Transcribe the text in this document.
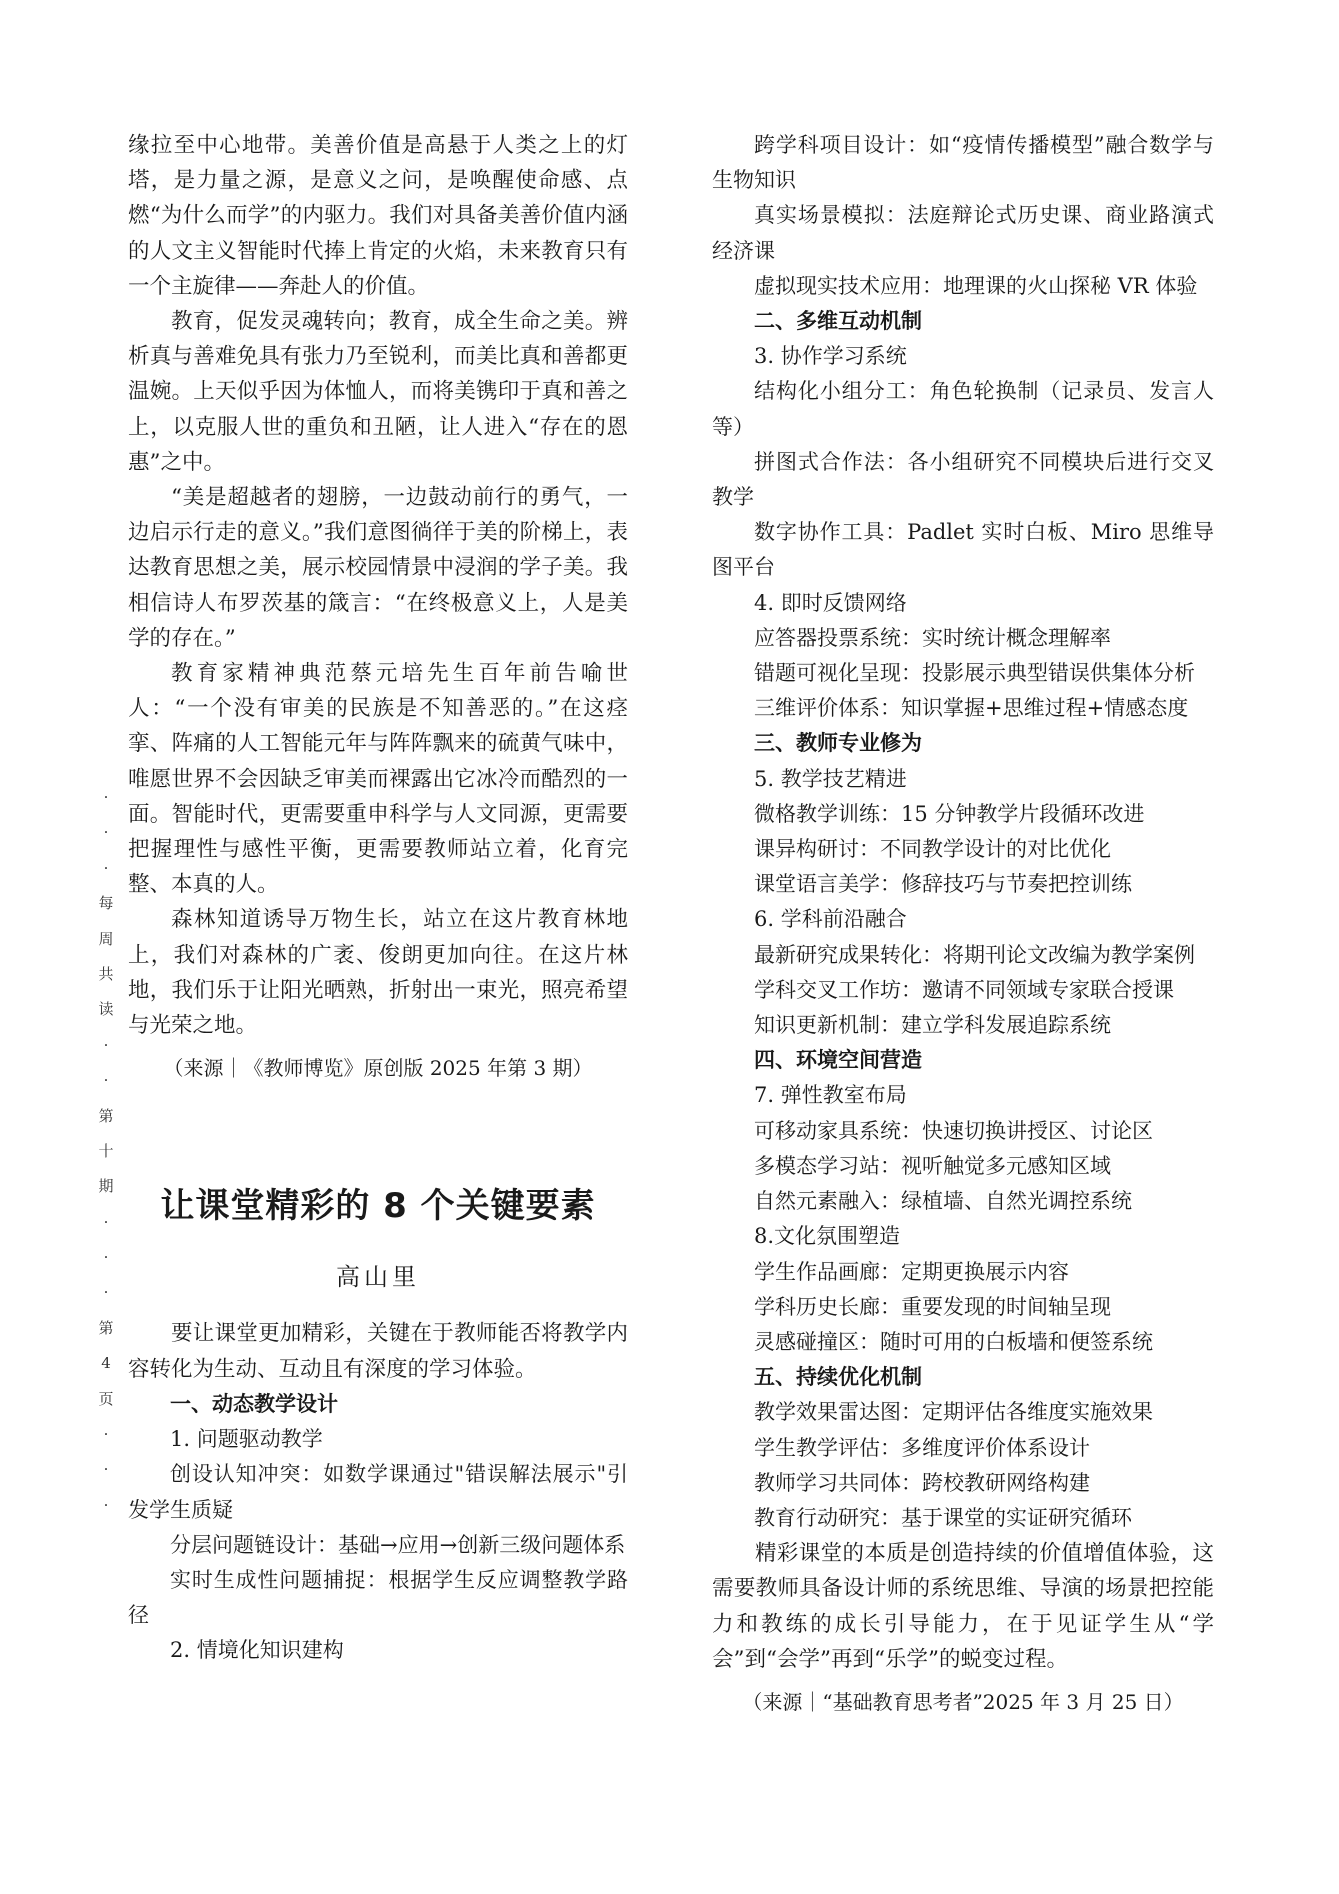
缘拉至中心地带。美善价值是高悬于人类之上的灯塔，是力量之源，是意义之问，是唤醒使命感、点燃“为什么而学”的内驱力。我们对具备美善价值内涵的人文主义智能时代捧上肯定的火焰，未来教育只有一个主旋律——奔赴人的价值。

教育，促发灵魂转向；教育，成全生命之美。辨析真与善难免具有张力乃至锐利，而美比真和善都更温婉。上天似乎因为体恤人，而将美镌印于真和善之上，以克服人世的重负和丑陋，让人进入“存在的恩惠”之中。

“美是超越者的翅膀，一边鼓动前行的勇气，一边启示行走的意义。”我们意图徜徉于美的阶梯上，表达教育思想之美，展示校园情景中浸润的学子美。我相信诗人布罗茨基的箴言：“在终极意义上，人是美学的存在。”

教育家精神典范蔡元培先生百年前告喻世人：“一个没有审美的民族是不知善恶的。”在这痉挛、阵痛的人工智能元年与阵阵飘来的硫黄气味中，唯愿世界不会因缺乏审美而裸露出它冰冷而酷烈的一面。智能时代，更需要重申科学与人文同源，更需要把握理性与感性平衡，更需要教师站立着，化育完整、本真的人。

森林知道诱导万物生长，站立在这片教育林地上，我们对森林的广袤、俊朗更加向往。在这片林地，我们乐于让阳光晒熟，折射出一束光，照亮希望与光荣之地。

（来源｜《教师博览》原创版 2025 年第 3 期）

让课堂精彩的 8 个关键要素
高山里

要让课堂更加精彩，关键在于教师能否将教学内容转化为生动、互动且有深度的学习体验。

一、动态教学设计

1. 问题驱动教学

创设认知冲突：如数学课通过"错误解法展示"引发学生质疑

分层问题链设计：基础→应用→创新三级问题体系

实时生成性问题捕捉：根据学生反应调整教学路径

2. 情境化知识建构

·
·
·
每
周
共
读
·
·
第
十
期
·
·
·
第
4
页
·
·
·

跨学科项目设计：如“疫情传播模型”融合数学与生物知识

真实场景模拟：法庭辩论式历史课、商业路演式经济课

虚拟现实技术应用：地理课的火山探秘 VR 体验

二、多维互动机制

3. 协作学习系统

结构化小组分工：角色轮换制（记录员、发言人等）

拼图式合作法：各小组研究不同模块后进行交叉教学

数字协作工具：Padlet 实时白板、Miro 思维导图平台

4. 即时反馈网络

应答器投票系统：实时统计概念理解率

错题可视化呈现：投影展示典型错误供集体分析

三维评价体系：知识掌握+思维过程+情感态度

三、教师专业修为

5. 教学技艺精进

微格教学训练：15 分钟教学片段循环改进

课异构研讨：不同教学设计的对比优化

课堂语言美学：修辞技巧与节奏把控训练

6. 学科前沿融合

最新研究成果转化：将期刊论文改编为教学案例

学科交叉工作坊：邀请不同领域专家联合授课

知识更新机制：建立学科发展追踪系统

四、环境空间营造

7. 弹性教室布局

可移动家具系统：快速切换讲授区、讨论区

多模态学习站：视听触觉多元感知区域

自然元素融入：绿植墙、自然光调控系统

8.文化氛围塑造

学生作品画廊：定期更换展示内容

学科历史长廊：重要发现的时间轴呈现

灵感碰撞区：随时可用的白板墙和便签系统

五、持续优化机制

教学效果雷达图：定期评估各维度实施效果

学生教学评估：多维度评价体系设计

教师学习共同体：跨校教研网络构建

教育行动研究：基于课堂的实证研究循环

精彩课堂的本质是创造持续的价值增值体验，这需要教师具备设计师的系统思维、导演的场景把控能力和教练的成长引导能力，在于见证学生从“学会”到“会学”再到“乐学”的蜕变过程。

（来源｜“基础教育思考者”2025 年 3 月 25 日）
